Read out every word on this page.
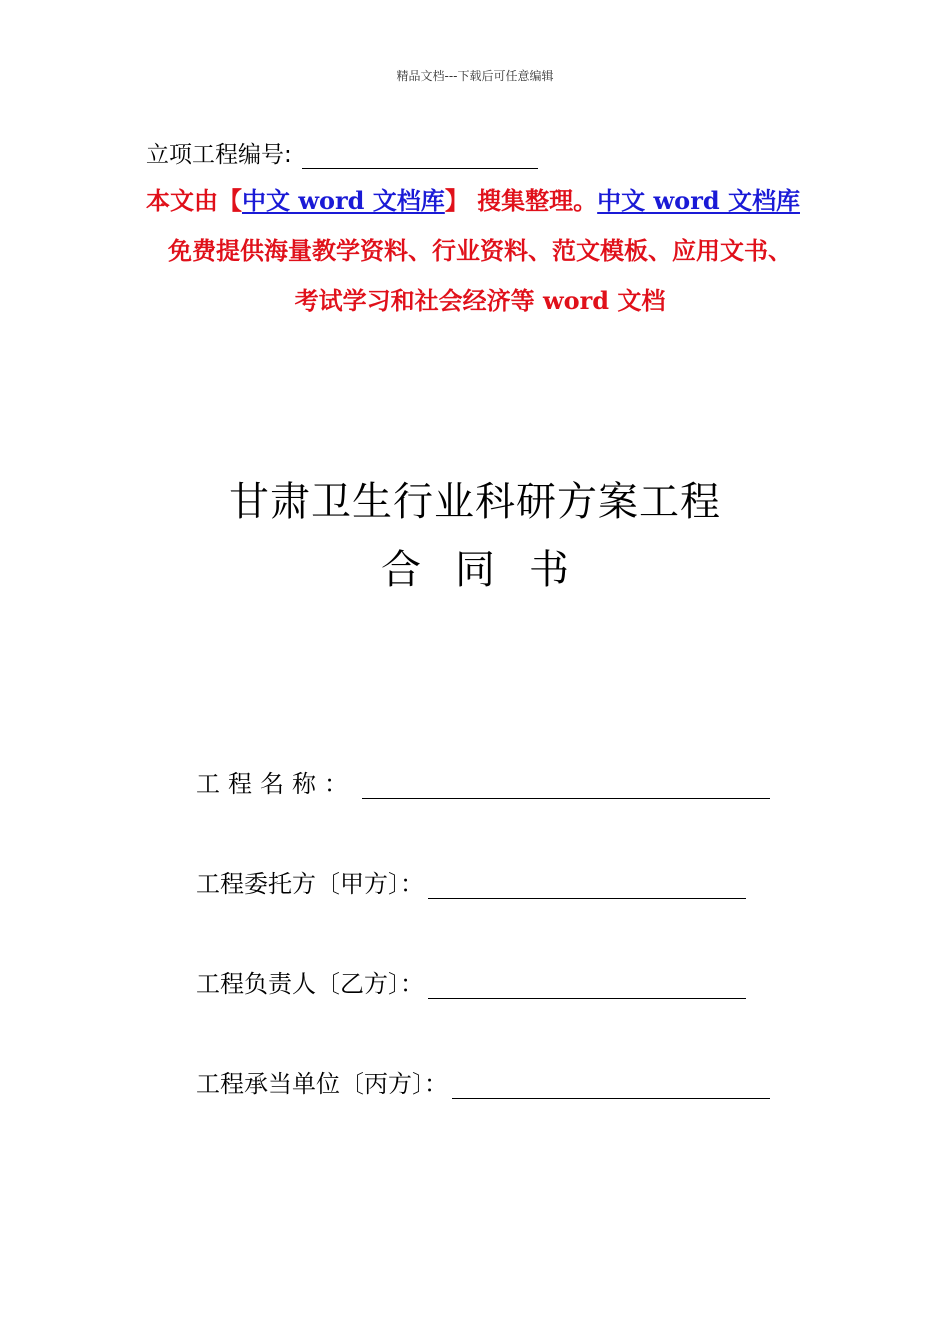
精品文档---下载后可任意编辑
立项工程编号:
本文由【中文 word 文档库】 搜集整理。中文 word 文档库
免费提供海量教学资料、行业资料、范文模板、应用文书、
考试学习和社会经济等 word 文档
甘肃卫生行业科研方案工程
合同书
工程名称：
工程委托方〔甲方〕：
工程负责人〔乙方〕：
工程承当单位〔丙方〕：
